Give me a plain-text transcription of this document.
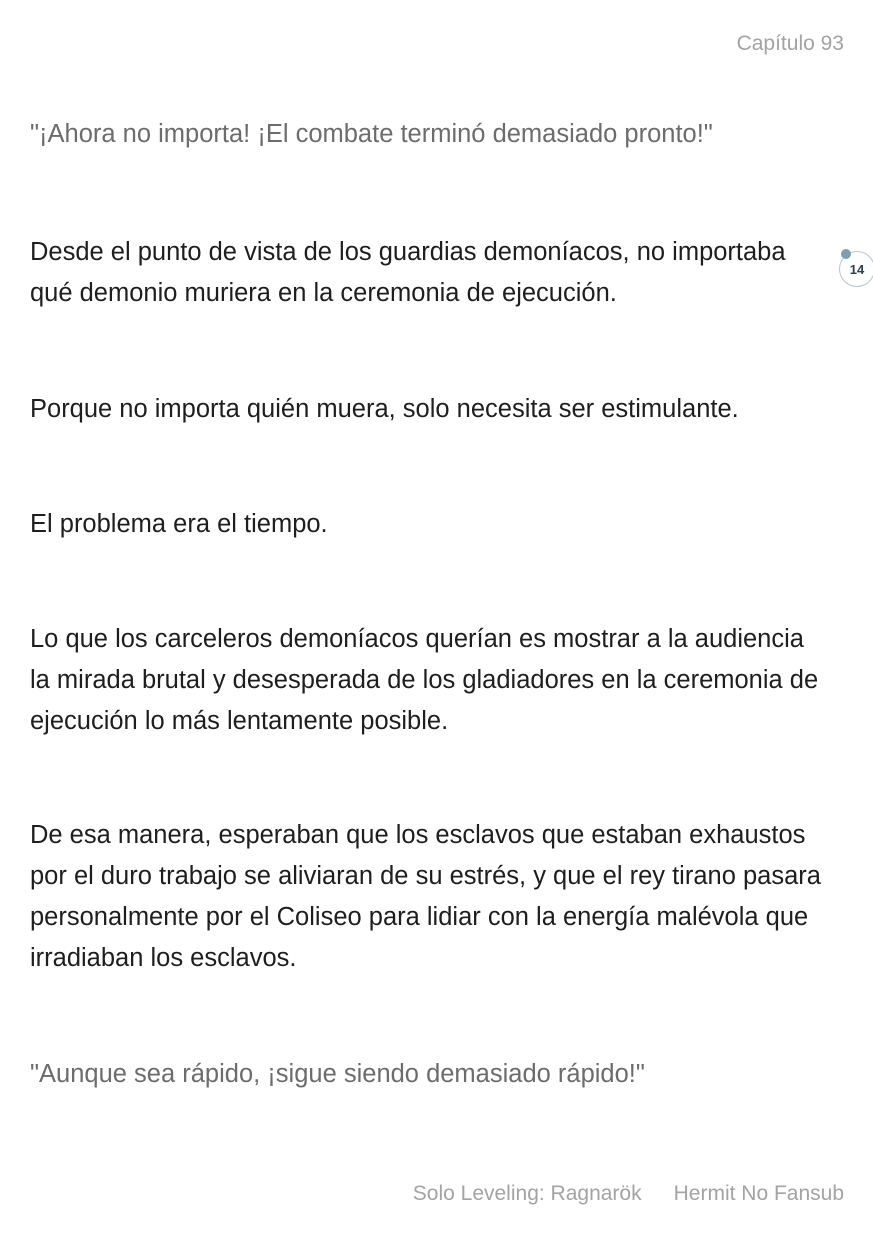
Capítulo 93

"¡Ahora no importa! ¡El combate terminó demasiado pronto!"

Desde el punto de vista de los guardias demoníacos, no importaba qué demonio muriera en la ceremonia de ejecución.

Porque no importa quién muera, solo necesita ser estimulante.

El problema era el tiempo.

Lo que los carceleros demoníacos querían es mostrar a la audiencia la mirada brutal y desesperada de los gladiadores en la ceremonia de ejecución lo más lentamente posible.

De esa manera, esperaban que los esclavos que estaban exhaustos por el duro trabajo se aliviaran de su estrés, y que el rey tirano pasara personalmente por el Coliseo para lidiar con la energía malévola que irradiaban los esclavos.

"Aunque sea rápido, ¡sigue siendo demasiado rápido!"

14
Solo Leveling: Ragnarök Hermit No Fansub
